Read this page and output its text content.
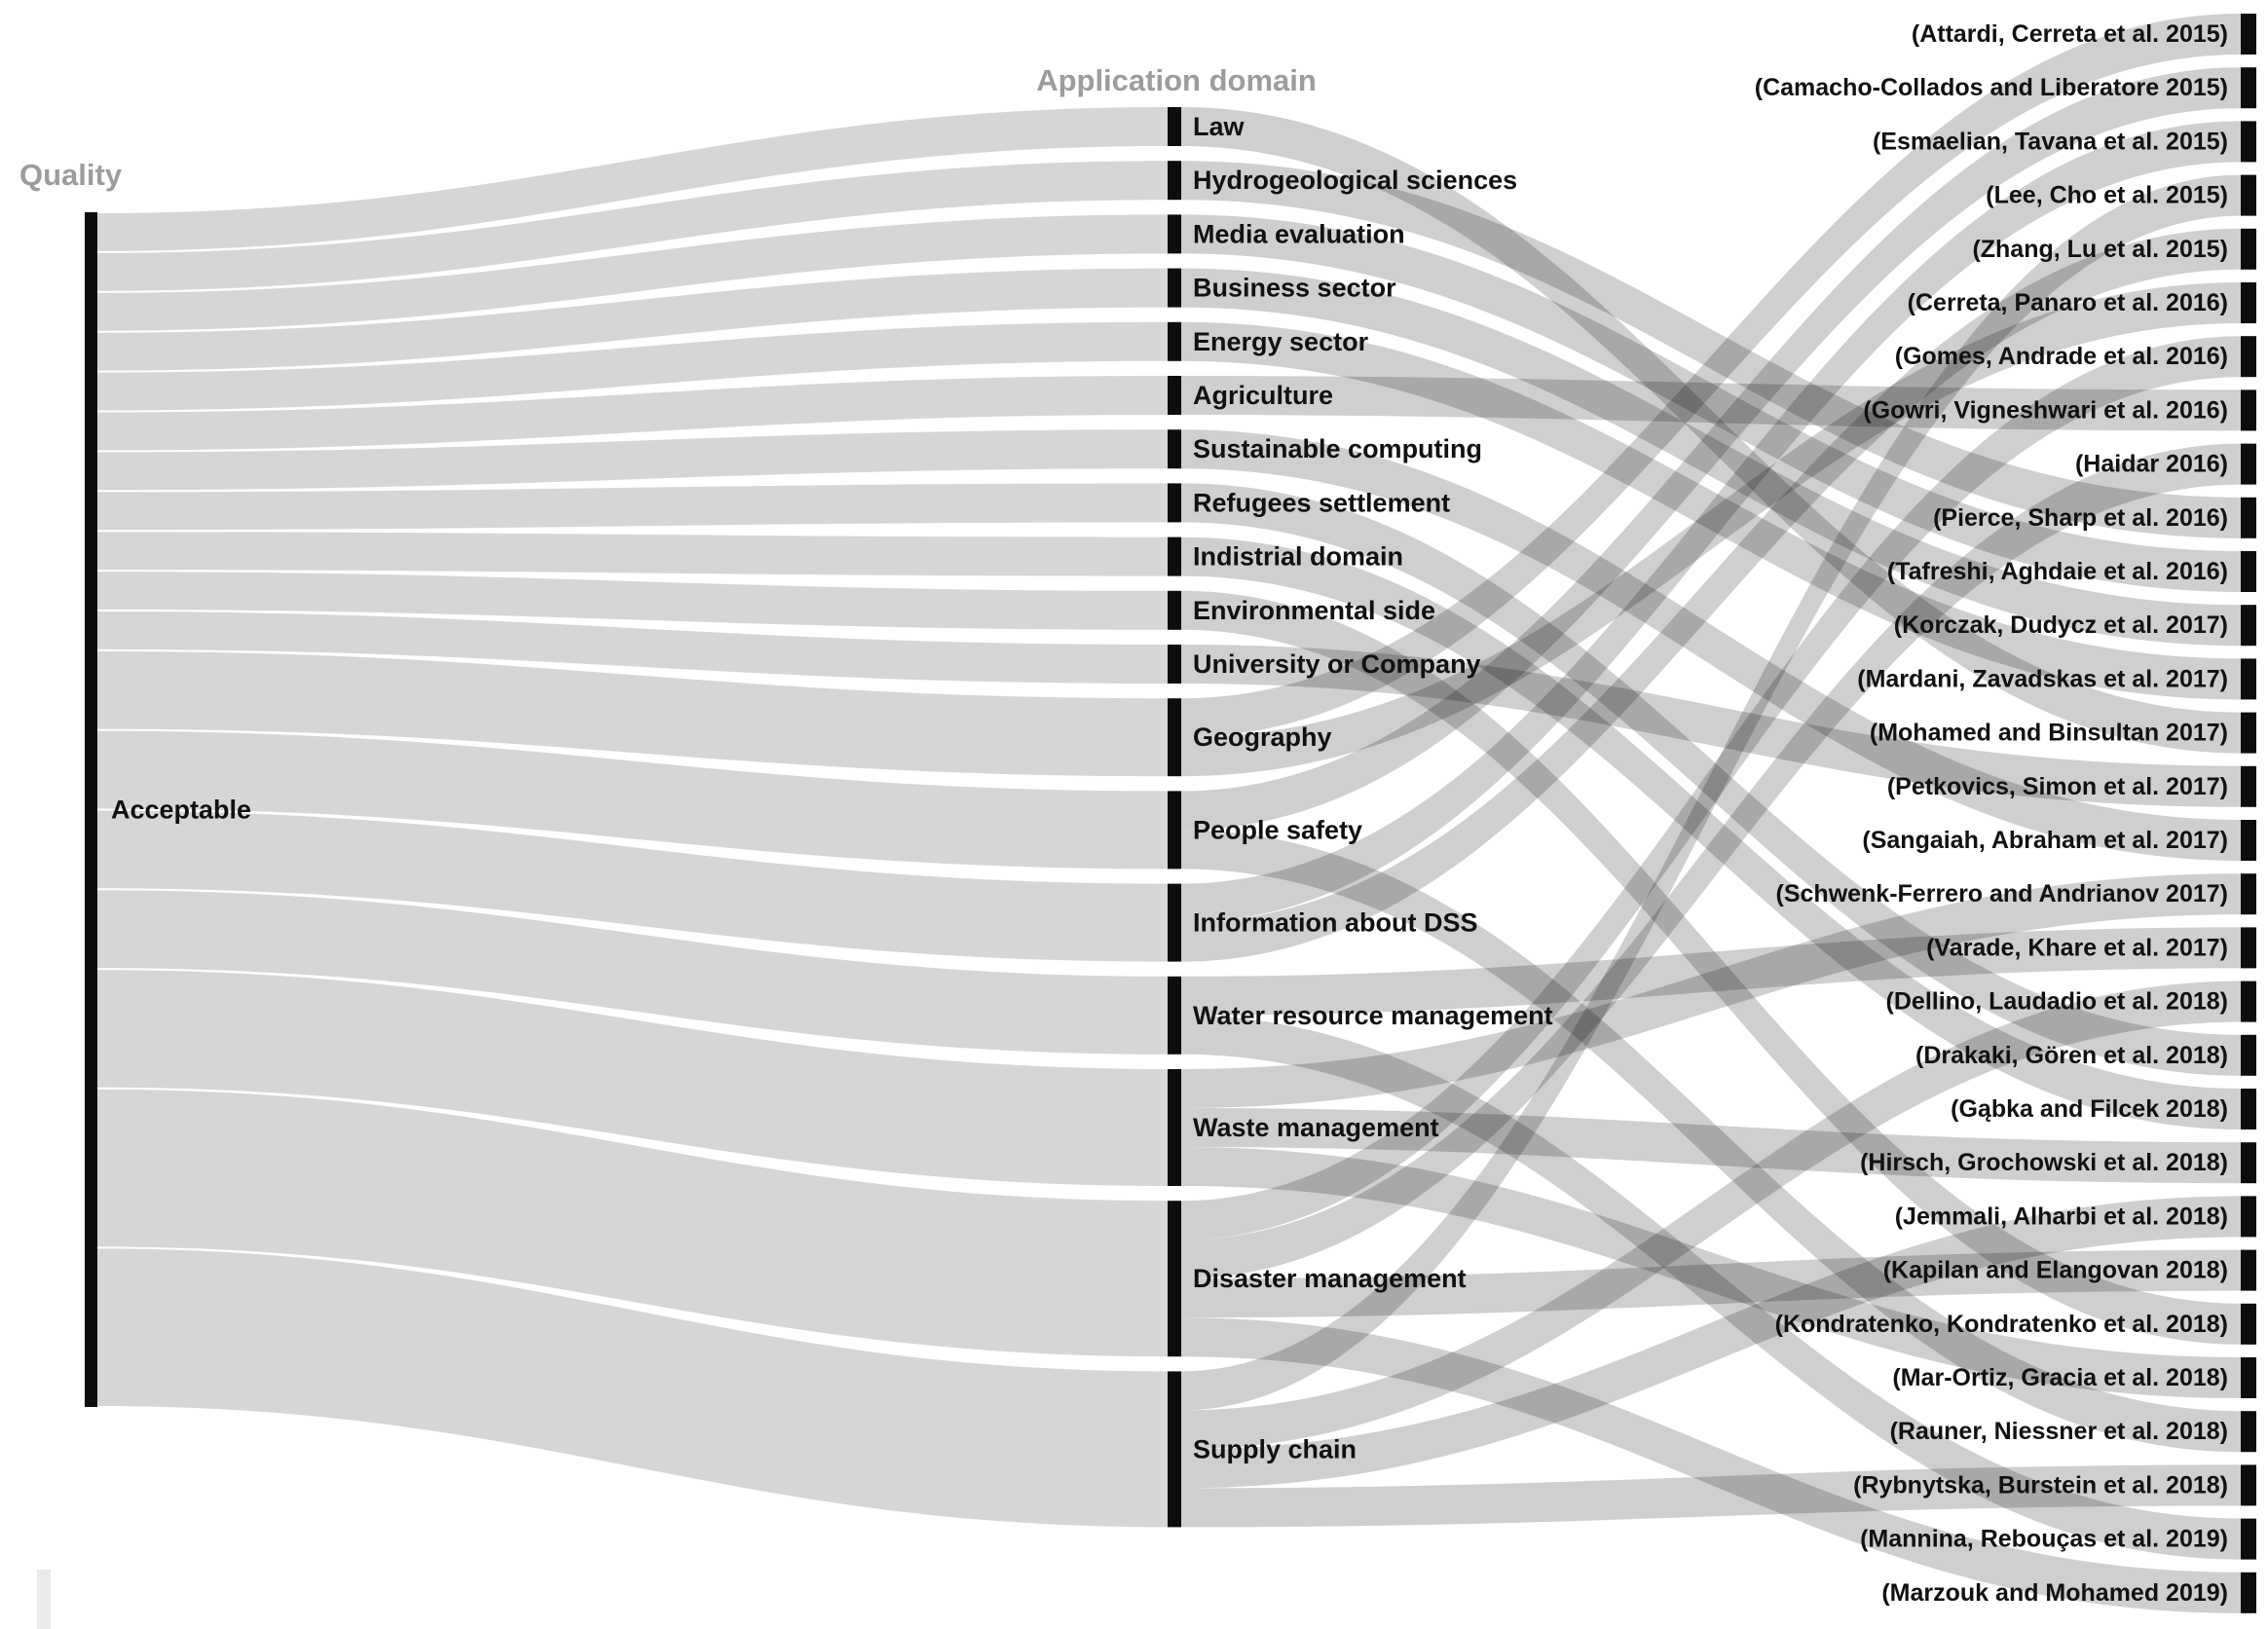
Quality
Application domain
Acceptable
Law
Hydrogeological sciences
Media evaluation
Business sector
Energy sector
Agriculture
Sustainable computing
Refugees settlement
Indistrial domain
Environmental side
University or Company
Geography
People safety
Information about DSS
Water resource management
Waste management
Disaster management
Supply chain
(Attardi, Cerreta et al. 2015)
(Camacho-Collados and Liberatore 2015)
(Esmaelian, Tavana et al. 2015)
(Lee, Cho et al. 2015)
(Zhang, Lu et al. 2015)
(Cerreta, Panaro et al. 2016)
(Gomes, Andrade et al. 2016)
(Gowri, Vigneshwari et al. 2016)
(Haidar 2016)
(Pierce, Sharp et al. 2016)
(Tafreshi, Aghdaie et al. 2016)
(Korczak, Dudycz et al. 2017)
(Mardani, Zavadskas et al. 2017)
(Mohamed and Binsultan 2017)
(Petkovics, Simon et al. 2017)
(Sangaiah, Abraham et al. 2017)
(Schwenk-Ferrero and Andrianov 2017)
(Varade, Khare et al. 2017)
(Dellino, Laudadio et al. 2018)
(Drakaki, Gören et al. 2018)
(Gąbka and Filcek 2018)
(Hirsch, Grochowski et al. 2018)
(Jemmali, Alharbi et al. 2018)
(Kapilan and Elangovan 2018)
(Kondratenko, Kondratenko et al. 2018)
(Mar-Ortiz, Gracia et al. 2018)
(Rauner, Niessner et al. 2018)
(Rybnytska, Burstein et al. 2018)
(Mannina, Rebouças et al. 2019)
(Marzouk and Mohamed 2019)
